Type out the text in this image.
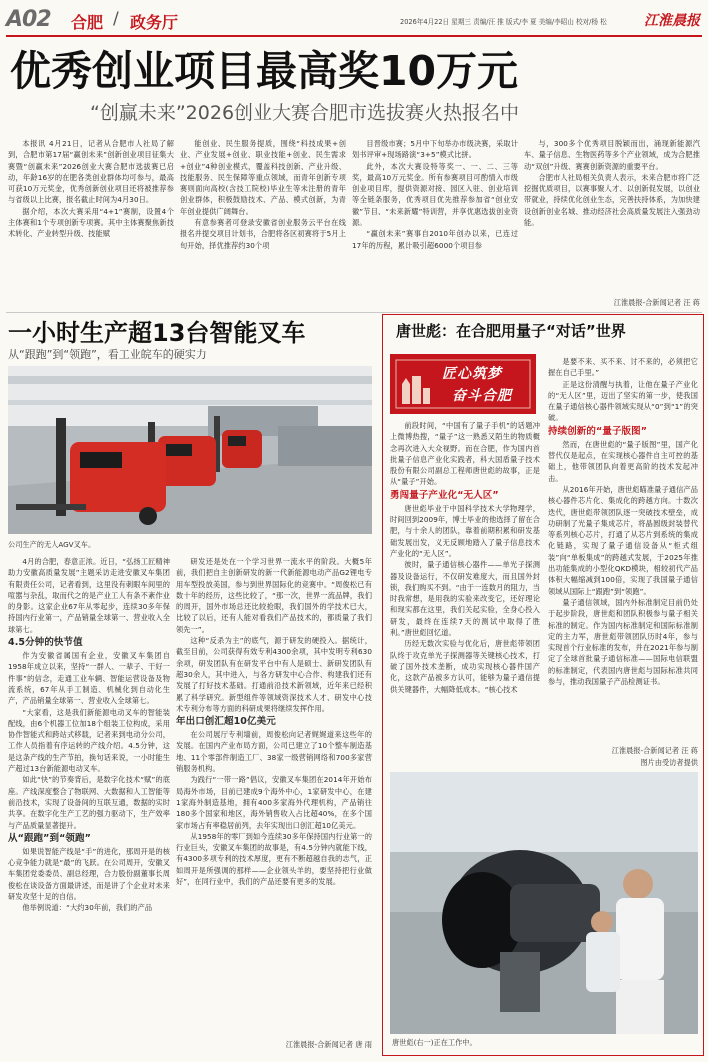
A02 合肥 / 政务厅	2026年4月22日 星期三 责编/汪 推 版式/李 夏 美编/李昭山 校对/杨 松	江淮晨报
优秀创业项目最高奖10万元
“创赢未来”2026创业大赛合肥市选拔赛火热报名中

本报讯 4月21日，记者从合肥市人社局了解到，合肥市第17届“赢创未来”创新创业项目征集大赛暨“创赢未来”2026创业大赛合肥市选拔赛已启动，年龄16岁的在肥各类创业群体均可参与，最高可获10万元奖金，优秀创新创业项目还将被推荐参与省级以上比赛，报名截止时间为4月30日。

据介绍，本次大赛采用“4+1”赛制，设置4个主体赛和1个专项创新专项赛。其中主体赛聚焦新技术转化、产业转型升级、技能赋

能创业、民生服务提质，围绕“科技成果+创业、产业发展+创业、职业技能+创业、民生需求+创业”4种创业模式，覆盖科技创新、产业升级、技能服务、民生保障等重点领域，而青年创新专项赛则面向高校(含技工院校)毕业生等未注册的青年创业群体，积极鼓励技术、产品、模式创新，为青年创业提供广阔舞台。

有意参赛者可登录安徽省创业服务云平台在线报名并提交项目计划书，合肥将各区初赛将于5月上旬开始，择优推荐约30个项

目晋级市赛；5月中下旬举办市级决赛，采取计划书评审+现场路演“3+5”模式比拼。

此外，本次大赛设特等奖一、一、二、三等奖，最高10万元奖金。所有参赛项目可酌情入市级创业项目库，提供资源对接、园区入驻、创业培训等全链条服务，优秀项目优先推荐参加省“创业安徽”节目、“未来新耀”特训营，并享优惠选拔创业资源。

“赢创未来”赛事自2010年创办以来，已连过17年的历程，累计吸引超6000个项目参

与，300多个优秀项目脱颖而出，涌现新能源汽车、量子信息、生物医药等多个产业领域，成为合肥推动“双创”升级、赛赛创新资源的重要平台。

合肥市人社局相关负责人表示，未来合肥市将广泛挖掘优质项目，以赛事聚人才、以创新促发展，以创业带就业，持续优化创业生态，完善扶持体系，为加快建设创新创业名城、推动经济社会高质量发展注入强劲动能。

江淮晨报-合新闻记者 汪 蒋
一小时生产超13台智能叉车
从“跟跑”到“领跑”，看工业皖车的硬实力
公司生产的无人AGV叉车。

4月的合肥，春意正浓。近日，“弘扬工匠精神 助力安徽高质量发展”主题采访走进安徽叉车集团有限责任公司，记者看到，这里没有刺眼车间里的喧嚣与杂乱，取而代之的是产业工人有条不紊作业的身影。这家企业67年从零起步，连续30多年保持国内行业第一，产品销量全球第一、营业收入全球第七。

4.5分钟的快节值

作为安徽省属国有企业，安徽叉车集团自1958年成立以来，坚持“一群人、一辈子、干好一件事”的信念，走通工业车辆、智能运营设备及物流系统，67年从手工制造、机械化到自动化生产，产品销量全球第一、营业收入全球第七。

“大家看，这是我们新能源电动叉车的智能装配线，由6个机器工位加18个组装工位构成，采用协作智能式和跨站式移载，记者来到电动分公司，工作人员指着有序运转的产线介绍。4.5分钟，这是这条产线的生产节拍，换句话来说，一小时能生产超过13台新能源电动叉车。

如此“快”的节奏背后，是数字化技术“赋”的底座。产线深度整合了物联网、大数据和人工智能等前沿技术，实现了设备间的互联互通，数据的实时共享。在数字化生产工艺的强力驱动下，生产效率与产品质量显著提升。

从“跟跑”到“领跑”

如果说智能产线是“手”的进化，那周开是的核心竞争能力就是“最”的飞跃。在公司周开，安徽叉车集团党委委员、副总经理，合力股份副董事长周俊松在谈设备方面最讲述，而是讲了个企业对未来研发攻坚十足的自信。

他举例说道：“大约30年前，我们的产品

研发还是处在一个学习世界一流水平的阶段。大概5年前，我们把自主创新研发的新一代新能源电动产品G2锂电专用车型投放美国，参与到世界国际化的竞赛中。“周俊松已有数十年的经历，这些比较了，“那一次，世界一流品牌，我们的周开，国外市场总还比较抢眼，我们国外的学技术已大，比较了以后，还有人能对看我们产品技术的，都质量了我们领先一”。

这种“反杀为主”的底气，源于研发的硬投入。据统计，截至目前，公司获得有效专利4300余项，其中发明专利630余项，研发团队有在研发平台中有人是硕士、新研发团队有超30余人，其中进入，与各方研发中心合作、构建我们还有发展了打好技术基础。打通前沿技术新领域，近年来已经积累了科学研究。新型组件等领域资深技术人才、研发中心技术专利分布等方面的科研成果将继续发挥作用。

年出口创汇超10亿美元

在公司展厅专利墙前，周俊松向记者娓娓道来这些年的发展。在国内产业布局方面，公司已建立了10个整车制造基地、11个零部件制造工厂、38家一级营销网络和700多家营销服务机构。

为践行“一带一路”倡议，安徽叉车集团在2014年开始布局海外市场，目前已建成9个海外中心，1家研发中心，在建1家海外制造基地，拥有400多家海外代理机构，产品销往180多个国家和地区，海外销售收入占比超40%，在多个国家市场占有率稳居前列，去年实现出口创汇超10亿美元。

从1958年的零厂到如今连续30多年保持国内行业第一的行业巨头，安徽叉车集团的故事是，有4.5分钟内就能下线，有4300多项专利的技术厚度，更有不断超越自我的志气，正如周开是所强调的那样——企业领头羊的，要坚持把行业做好”，在同行业中，我们的产品还要有更多的发展。

江淮晨报-合新闻记者 唐 雨
唐世彪：在合肥用量子“对话”世界
匠心筑梦
奋斗合肥

前段时间，“中国有了量子手机”的话题冲上微博热搜，“量子”这一熟悉又陌生的物质概念再次进入大众视野。而在合肥，作为国内首批量子信息产业化实践者，科大国盾量子技术股份有限公司副总工程师唐世彪的故事，正是从“量子”开始。

勇闯量子产业化“无人区”

唐世彪毕业于中国科学技术大学物理学，时间回到2009年，博士毕业的他选择了留在合肥，与十余人的团队，靠着前期积累和研发基础发展出发，义无反顾地踏入了量子信息技术产业化的“无人区”。

彼时，量子通信核心器件——单光子探测器及设备运行，不仅研发难度大，而且国外封锁，我们购买不到。“由于一连数月的阻力，当时我常想，是用我的实验来改变它，还好理论和现实都在这里，我们关起实验，全身心投入研发，最终在连续7天的测试中取得了胜利。”唐世彪回忆道。

历经无数次实验与优化后，唐世彪带领团队终于攻克单光子探测器等关键核心技术，打破了国外技术垄断，成功实现核心器件国产化，这款产品被多方认可，能够为量子通信提供关键器件，大幅降低成本。“核心技术

是要不来、买不来、讨不来的，必须把它握在自己手里。”

正是这份清醒与执着，让他在量子产业化的“无人区”里，迈出了坚实的第一步，使我国在量子通信核心器件领域实现从“0”到“1”的突破。

持续创新的“量子版图”

然而，在唐世彪的“量子版图”里，国产化替代仅是起点，在实现核心器件自主可控的基础上，他带领团队向着更高阶的技术发起冲击。

从2016年开始，唐世彪瞄准量子通信产品核心器件芯片化、集成化的跨越方向。十数次迭代，唐世彪带领团队逐一突破技术壁垒，成功研制了光量子集成芯片，将晶圆级封装替代等系列核心芯片，打通了从芯片到系统的集成化链路，实现了量子通信设备从“柜式组装”向“单板集成”的跨越式发展，于2025年推出功能集成的小型化QKD模块，相较初代产品体积大幅缩减到100倍，实现了我国量子通信领域从国际上“跟跑”到“领跑”。

量子通信领域，国内外标准制定目前仍处于起步阶段，唐世彪和团队积极参与量子相关标准的制定。作为国内标准制定和国际标准制定的主力军，唐世彪带领团队历时4年，参与实现首个行业标准的发布，并在2021年参与制定了全球首批量子通信标准——国际电信联盟的标准制定，代表国内唐世彪与国际标准共同参与，推动我国量子产品检测证书。

江淮晨报-合新闻记者 汪 蒋
图片由受访者提供
唐世彪(右一)正在工作中。
